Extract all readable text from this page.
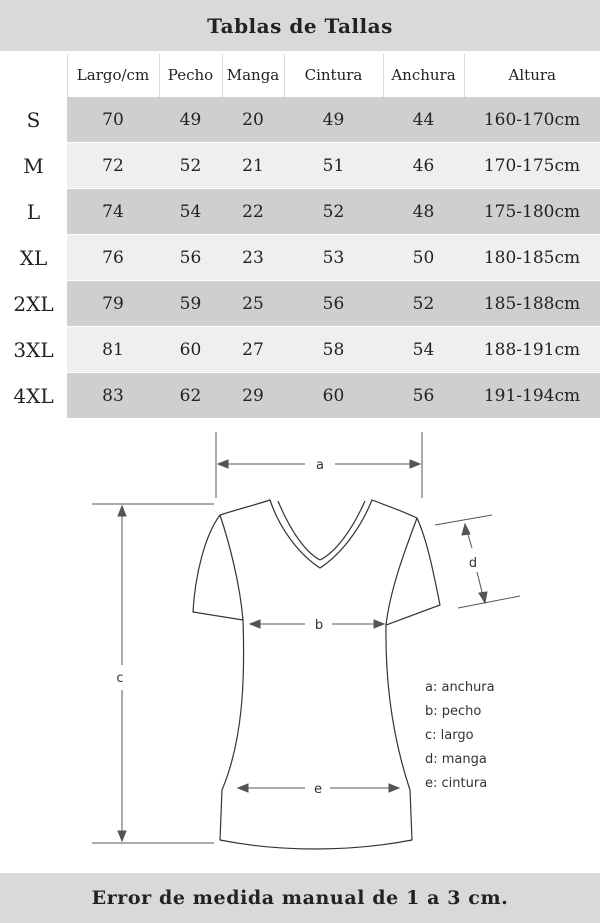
Tablas de Tallas
	Largo/cm	Pecho	Manga	Cintura	Anchura	Altura
S	70	49	20	49	44	160-170cm
M	72	52	21	51	46	170-175cm
L	74	54	22	52	48	175-180cm
XL	76	56	23	53	50	180-185cm
2XL	79	59	25	56	52	185-188cm
3XL	81	60	27	58	54	188-191cm
4XL	83	62	29	60	56	191-194cm
a
b
c
d
e
a: anchura
b: pecho
c: largo
d: manga
e: cintura
Error de medida manual de 1 a 3 cm.
